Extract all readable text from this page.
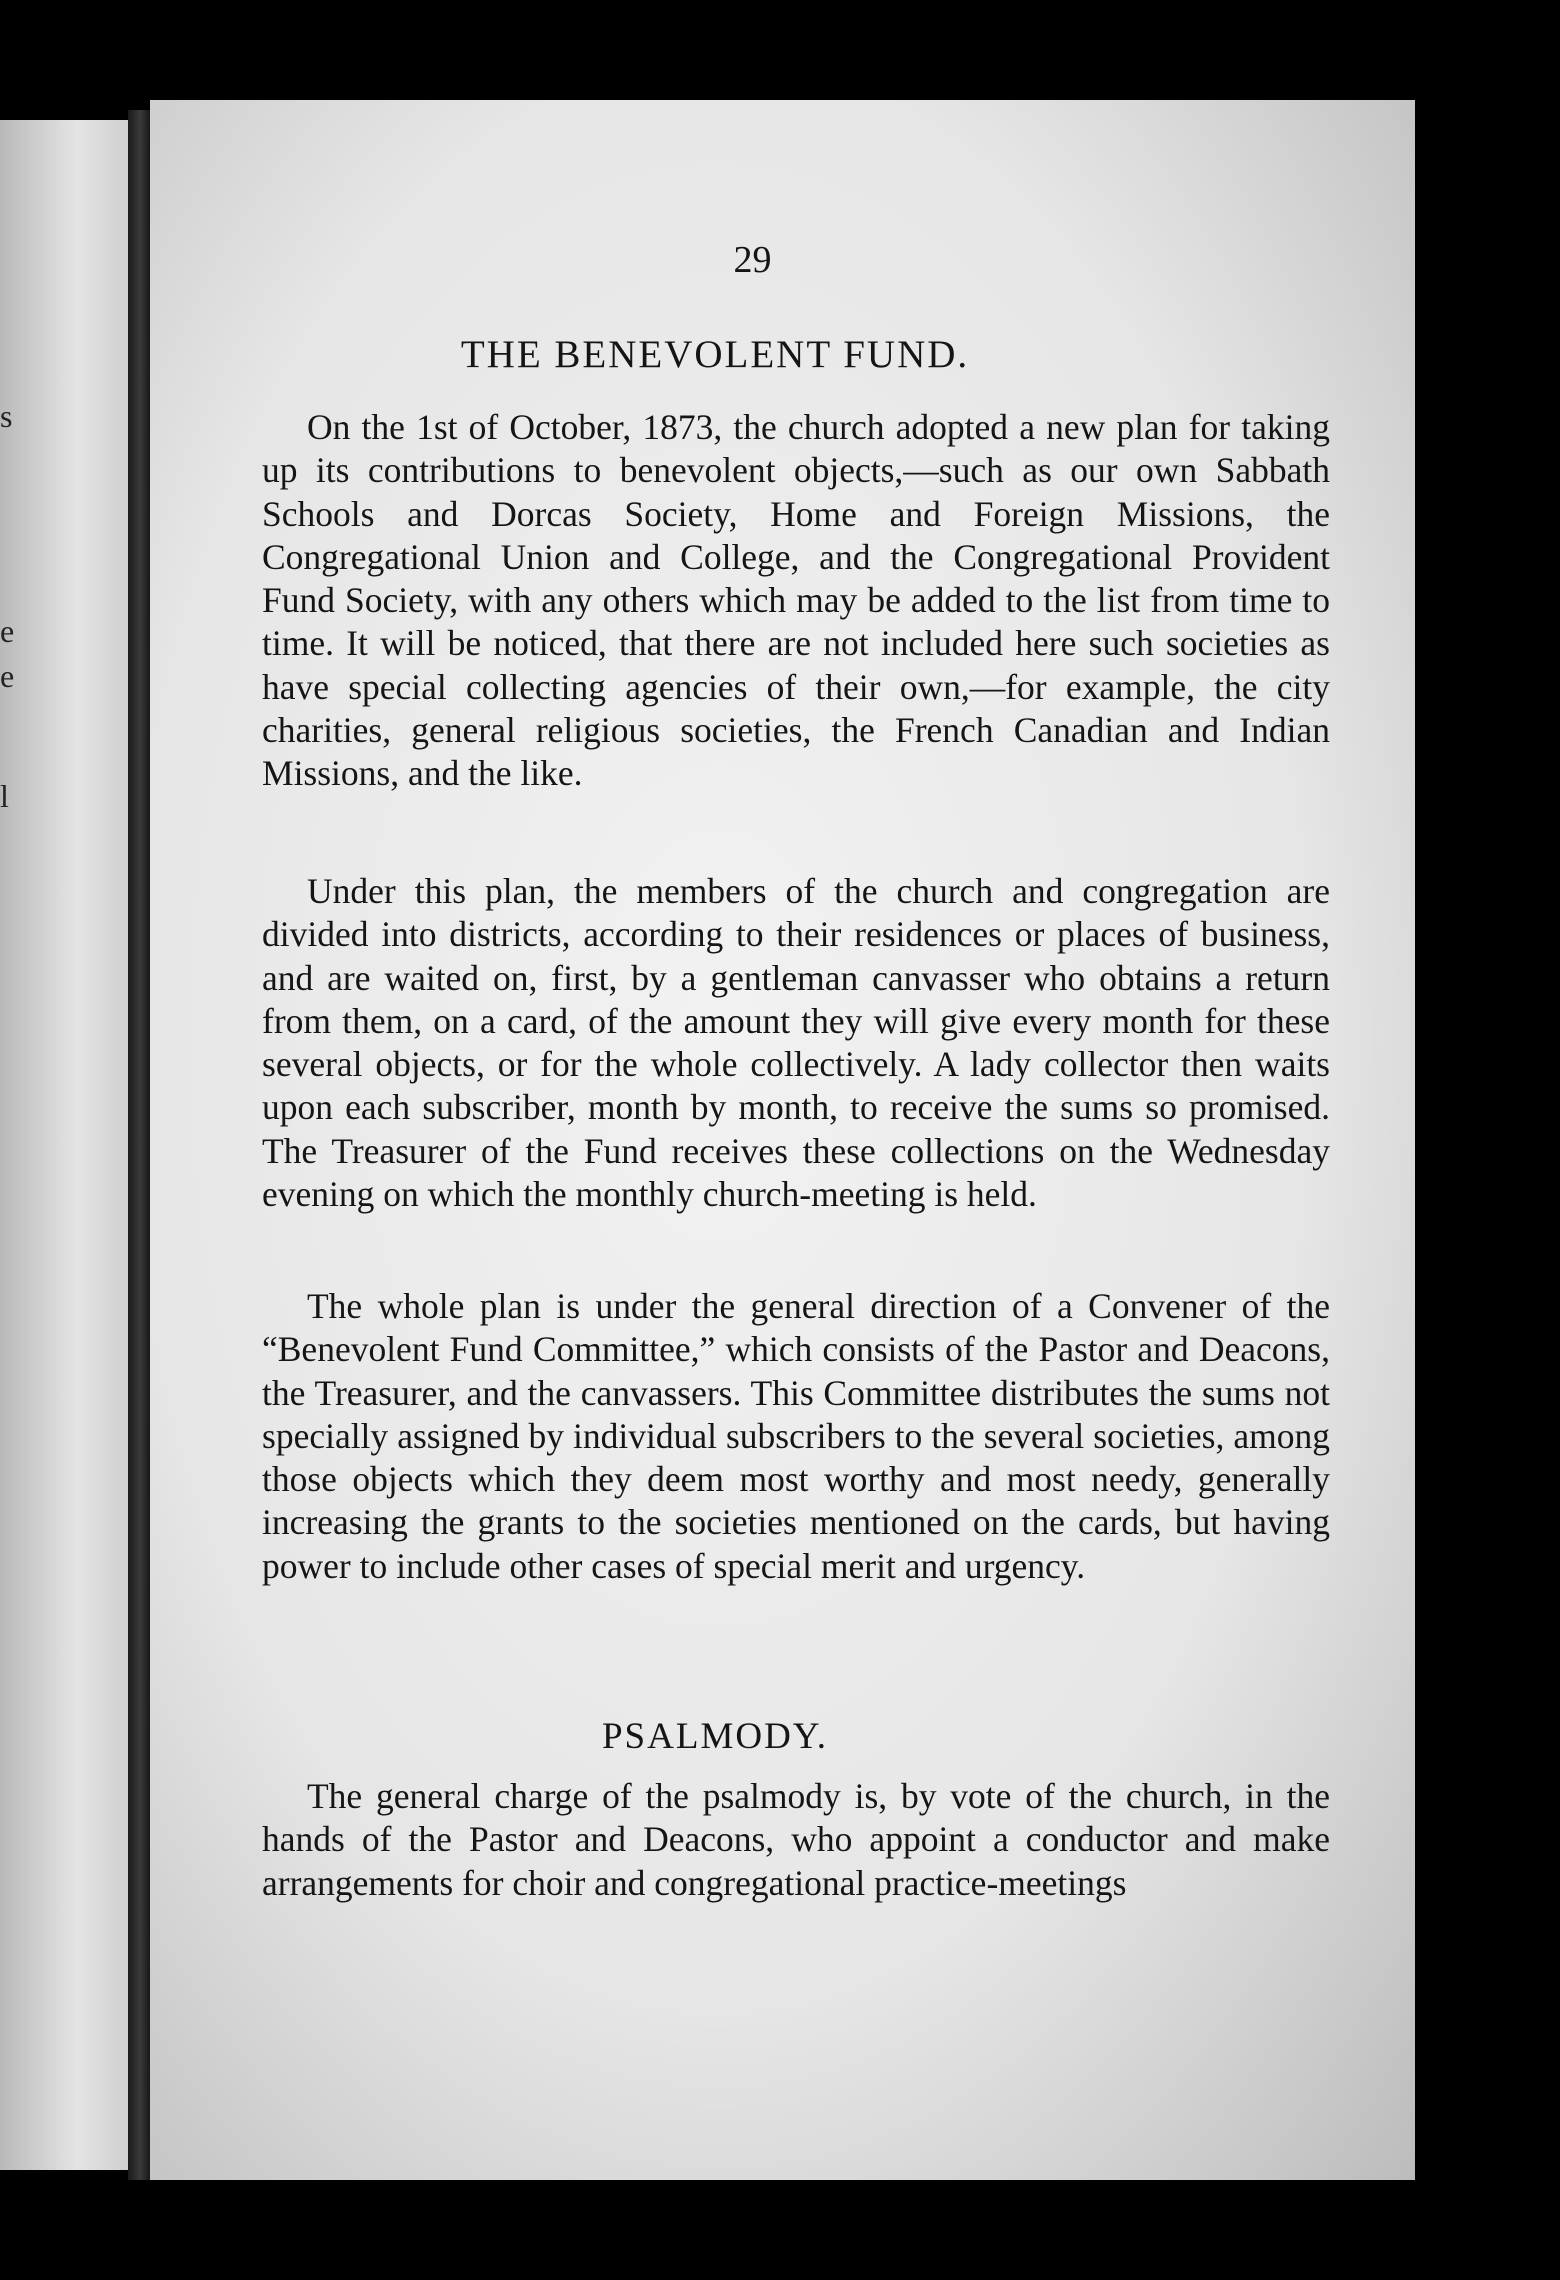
s
e
e
l
29
THE BENEVOLENT FUND.

On the 1st of October, 1873, the church adopted a new plan for taking up its contributions to benevolent objects,—such as our own Sabbath Schools and Dorcas Society, Home and Foreign Missions, the Congregational Union and College, and the Congregational Provident Fund Society, with any others which may be added to the list from time to time. It will be noticed, that there are not included here such societies as have special collecting agencies of their own,—for example, the city charities, general religious societies, the French Canadian and Indian Missions, and the like.

Under this plan, the members of the church and congregation are divided into districts, according to their residences or places of business, and are waited on, first, by a gentleman canvasser who obtains a return from them, on a card, of the amount they will give every month for these several objects, or for the whole collectively. A lady collector then waits upon each subscriber, month by month, to receive the sums so promised. The Treasurer of the Fund receives these collections on the Wednesday evening on which the monthly church-meeting is held.

The whole plan is under the general direction of a Convener of the “Benevolent Fund Committee,” which consists of the Pastor and Deacons, the Treasurer, and the canvassers. This Committee distributes the sums not specially assigned by individual subscribers to the several societies, among those objects which they deem most worthy and most needy, generally increasing the grants to the societies mentioned on the cards, but having power to include other cases of special merit and urgency.

PSALMODY.

The general charge of the psalmody is, by vote of the church, in the hands of the Pastor and Deacons, who appoint a conductor and make arrangements for choir and congregational practice-meetings
